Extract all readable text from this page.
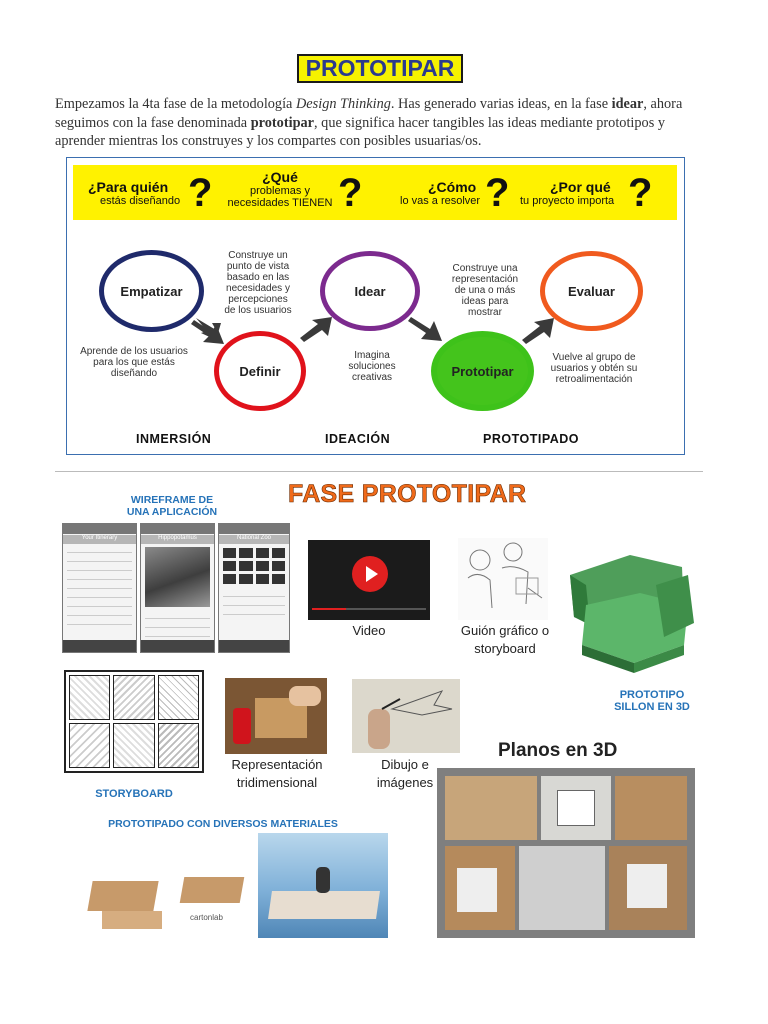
PROTOTIPAR
Empezamos la 4ta fase de la metodología Design Thinking. Has generado varias ideas, en la fase idear, ahora seguimos con la fase denominada prototipar, que significa hacer tangibles las ideas mediante prototipos y aprender mientras los construyes y los compartes con posibles usuarias/os.
¿Para quién
estás diseñando ?	¿Qué
problemas y
necesidades TIENEN ?	¿Cómo
lo vas a resolver ?	¿Por qué
tu proyecto importa ?
Empatizar
Definir
Idear
Prototipar
Evaluar
Aprende de los usuarios para los que estás diseñando
Construye un punto de vista basado en las necesidades y percepciones de los usuarios
Imagina soluciones creativas
Construye una representación de una o más ideas para mostrar
Vuelve al grupo de usuarios y obtén su retroalimentación
INMERSIÓN	IDEACIÓN	PROTOTIPADO
FASE PROTOTIPAR
WIREFRAME DE
UNA APLICACIÓN
Your Itinerary	Hippopotamus	National Zoo
Video	Guión gráfico o
storyboard
PROTOTIPO
SILLON EN 3D
STORYBOARD
Representación
tridimensional
Dibujo e
imágenes
Planos en 3D
PROTOTIPADO CON DIVERSOS MATERIALES
cartonlab
